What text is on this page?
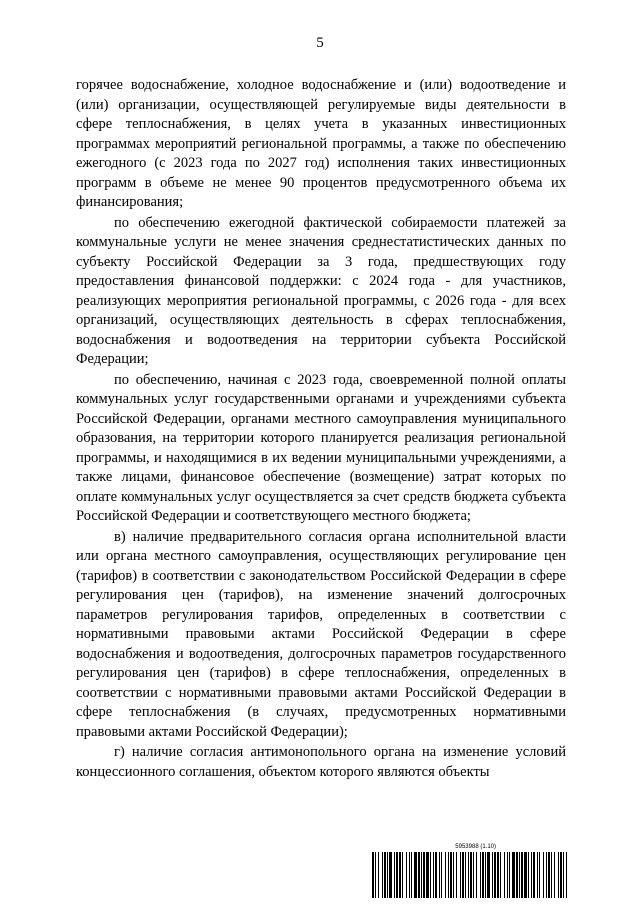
5

горячее водоснабжение, холодное водоснабжение и (или) водоотведение и (или) организации, осуществляющей регулируемые виды деятельности в сфере теплоснабжения, в целях учета в указанных инвестиционных программах мероприятий региональной программы, а также по обеспечению ежегодного (с 2023 года по 2027 год) исполнения таких инвестиционных программ в объеме не менее 90 процентов предусмотренного объема их финансирования;

по обеспечению ежегодной фактической собираемости платежей за коммунальные услуги не менее значения среднестатистических данных по субъекту Российской Федерации за 3 года, предшествующих году предоставления финансовой поддержки: с 2024 года - для участников, реализующих мероприятия региональной программы, с 2026 года - для всех организаций, осуществляющих деятельность в сферах теплоснабжения, водоснабжения и водоотведения на территории субъекта Российской Федерации;

по обеспечению, начиная с 2023 года, своевременной полной оплаты коммунальных услуг государственными органами и учреждениями субъекта Российской Федерации, органами местного самоуправления муниципального образования, на территории которого планируется реализация региональной программы, и находящимися в их ведении муниципальными учреждениями, а также лицами, финансовое обеспечение (возмещение) затрат которых по оплате коммунальных услуг осуществляется за счет средств бюджета субъекта Российской Федерации и соответствующего местного бюджета;

в) наличие предварительного согласия органа исполнительной власти или органа местного самоуправления, осуществляющих регулирование цен (тарифов) в соответствии с законодательством Российской Федерации в сфере регулирования цен (тарифов), на изменение значений долгосрочных параметров регулирования тарифов, определенных в соответствии с нормативными правовыми актами Российской Федерации в сфере водоснабжения и водоотведения, долгосрочных параметров государственного регулирования цен (тарифов) в сфере теплоснабжения, определенных в соответствии с нормативными правовыми актами Российской Федерации в сфере теплоснабжения (в случаях, предусмотренных нормативными правовыми актами Российской Федерации);

г) наличие согласия антимонопольного органа на изменение условий концессионного соглашения, объектом которого являются объекты

5953988 (1.10)
